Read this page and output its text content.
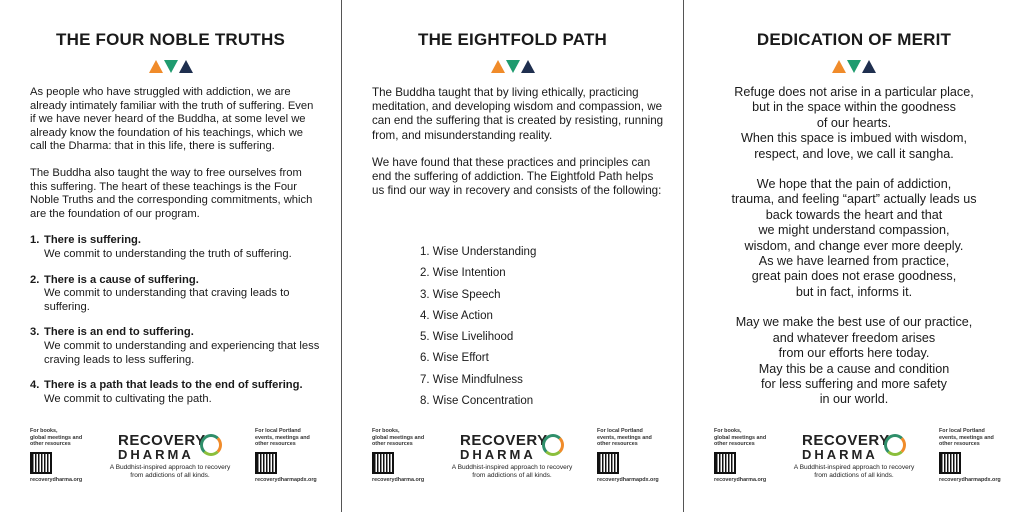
THE FOUR NOBLE TRUTHS

As people who have struggled with addiction, we are already intimately familiar with the truth of suffering. Even if we have never heard of the Buddha, at some level we already know the foundation of his teachings, which we call the Dharma: that in this life, there is suffering.

The Buddha also taught the way to free ourselves from this suffering. The heart of these teachings is the Four Noble Truths and the corresponding commitments, which are the foundation of our program.

1. There is suffering.
We commit to understanding the truth of suffering.
2. There is a cause of suffering.
We commit to understanding that craving leads to suffering.
3. There is an end to suffering.
We commit to understanding and experiencing that less craving leads to less suffering.
4. There is a path that leads to the end of suffering.
We commit to cultivating the path.
For books,
global meetings and
other resources
recoverydharma.org
RECOVERY
DHARMA
A Buddhist-inspired approach to recovery
from addictions of all kinds.
For local Portland
events, meetings and
other resources
recoverydharmapdx.org
THE EIGHTFOLD PATH

The Buddha taught that by living ethically, practicing meditation, and developing wisdom and compassion, we can end the suffering that is created by resisting, running from, and misunderstanding reality.

We have found that these practices and principles can end the suffering of addiction. The Eightfold Path helps us find our way in recovery and consists of the following:

1. Wise Understanding
2. Wise Intention
3. Wise Speech
4. Wise Action
5. Wise Livelihood
6. Wise Effort
7. Wise Mindfulness
8. Wise Concentration
For books,
global meetings and
other resources
recoverydharma.org
RECOVERY
DHARMA
A Buddhist-inspired approach to recovery
from addictions of all kinds.
For local Portland
events, meetings and
other resources
recoverydharmapdx.org
DEDICATION OF MERIT
Refuge does not arise in a particular place,
but in the space within the goodness
of our hearts.
When this space is imbued with wisdom,
respect, and love, we call it sangha.
We hope that the pain of addiction,
trauma, and feeling “apart” actually leads us
back towards the heart and that
we might understand compassion,
wisdom, and change ever more deeply.
As we have learned from practice,
great pain does not erase goodness,
but in fact, informs it.
May we make the best use of our practice,
and whatever freedom arises
from our efforts here today.
May this be a cause and condition
for less suffering and more safety
in our world.
For books,
global meetings and
other resources
recoverydharma.org
RECOVERY
DHARMA
A Buddhist-inspired approach to recovery
from addictions of all kinds.
For local Portland
events, meetings and
other resources
recoverydharmapdx.org
